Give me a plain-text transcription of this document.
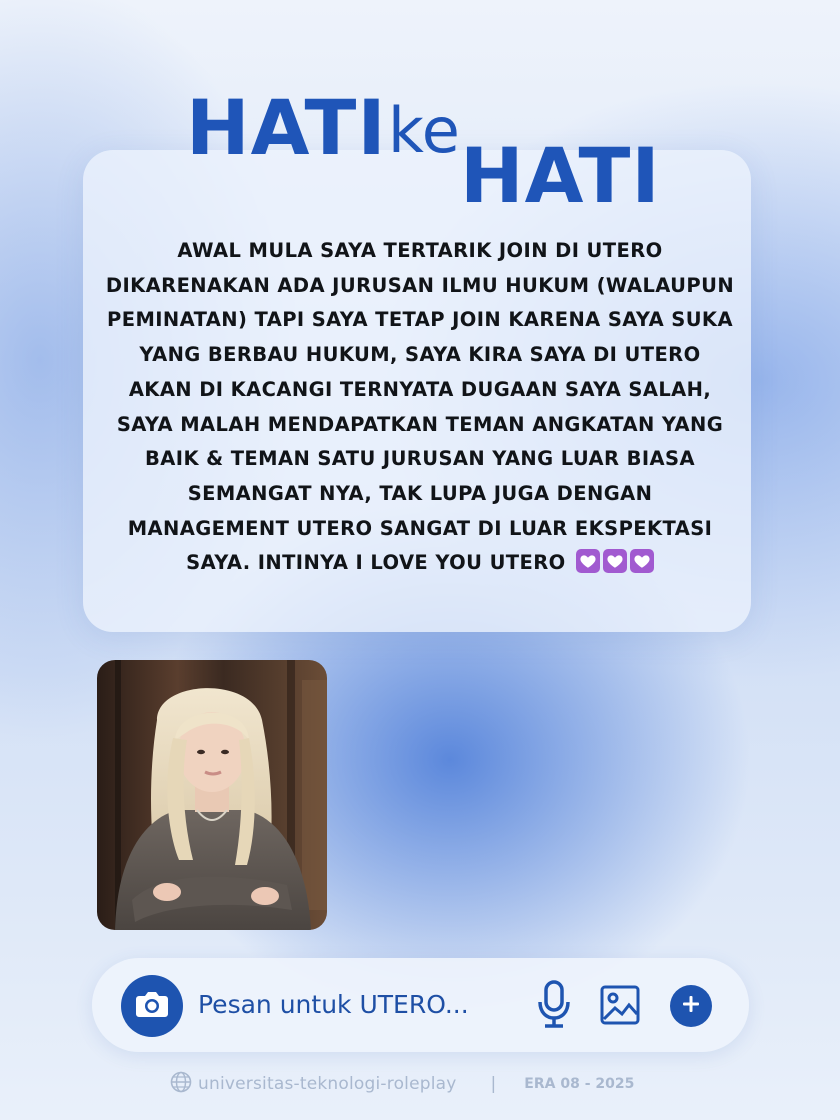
HATI ke
HATI
AWAL MULA SAYA TERTARIK JOIN DI UTERO DIKARENAKAN ADA JURUSAN ILMU HUKUM (WALAUPUN PEMINATAN) TAPI SAYA TETAP JOIN KARENA SAYA SUKA YANG BERBAU HUKUM, SAYA KIRA SAYA DI UTERO AKAN DI KACANGI TERNYATA DUGAAN SAYA SALAH, SAYA MALAH MENDAPATKAN TEMAN ANGKATAN YANG BAIK & TEMAN SATU JURUSAN YANG LUAR BIASA SEMANGAT NYA, TAK LUPA JUGA DENGAN MANAGEMENT UTERO SANGAT DI LUAR EKSPEKTASI SAYA. INTINYA I LOVE YOU UTERO
Pesan untuk UTERO...
universitas-teknologi-roleplay | ERA 08 - 2025
